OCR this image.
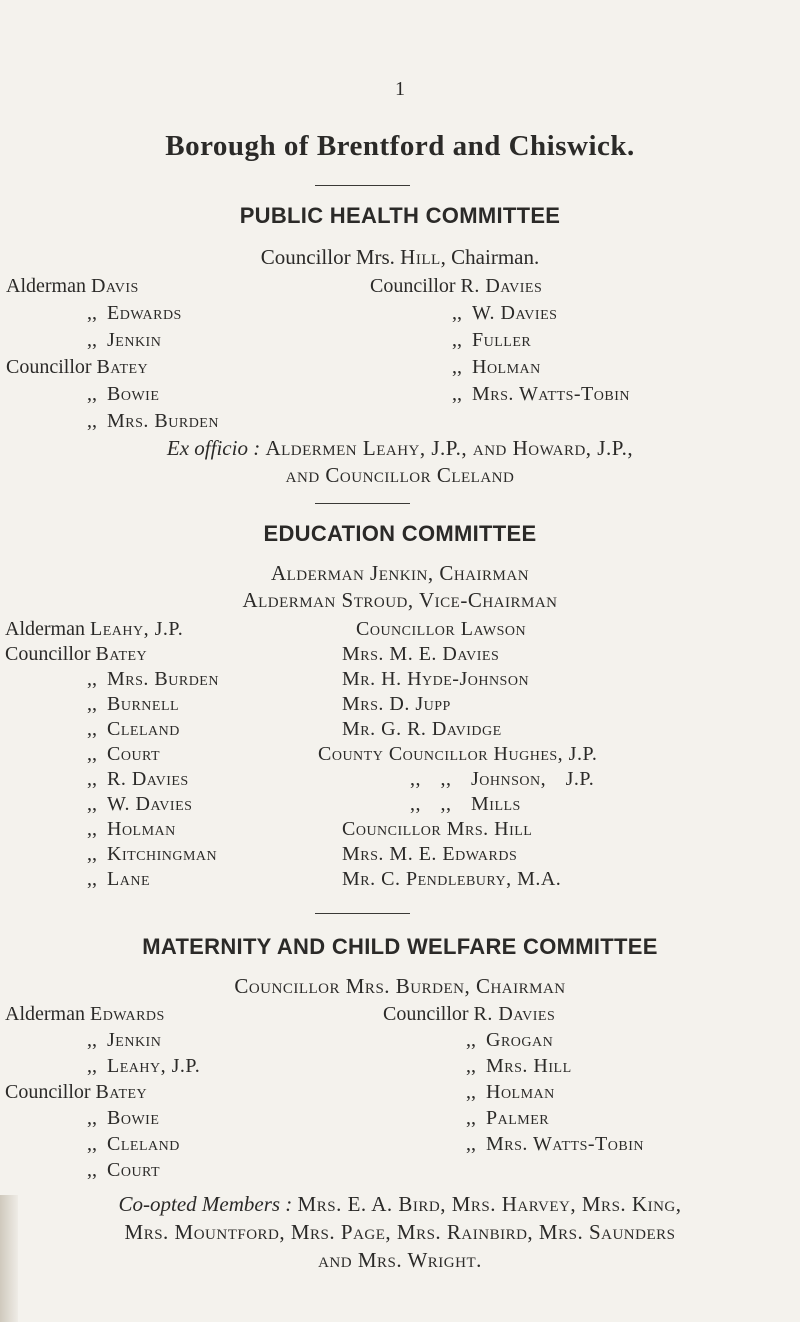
1
Borough of Brentford and Chiswick.
PUBLIC HEALTH COMMITTEE
Councillor Mrs. Hill, Chairman.
Alderman Davis
,, Edwards
,, Jenkin
Councillor Batey
,, Bowie
,, Mrs. Burden
Councillor R. Davies
,, W. Davies
,, Fuller
,, Holman
,, Mrs. Watts-Tobin
Ex officio : Aldermen Leahy, J.P., and Howard, J.P.,
and Councillor Cleland
EDUCATION COMMITTEE
Alderman Jenkin, Chairman
Alderman Stroud, Vice-Chairman
Alderman Leahy, J.P.
Councillor Batey
,, Mrs. Burden
,, Burnell
,, Cleland
,, Court
,, R. Davies
,, W. Davies
,, Holman
,, Kitchingman
,, Lane
Councillor Lawson
Mrs. M. E. Davies
Mr. H. Hyde-Johnson
Mrs. D. Jupp
Mr. G. R. Davidge
County Councillor Hughes, J.P.
,, ,, Johnson, J.P.
,, ,, Mills
Councillor Mrs. Hill
Mrs. M. E. Edwards
Mr. C. Pendlebury, M.A.
MATERNITY AND CHILD WELFARE COMMITTEE
Councillor Mrs. Burden, Chairman
Alderman Edwards
,, Jenkin
,, Leahy, J.P.
Councillor Batey
,, Bowie
,, Cleland
,, Court
Councillor R. Davies
,, Grogan
,, Mrs. Hill
,, Holman
,, Palmer
,, Mrs. Watts-Tobin
Co-opted Members : Mrs. E. A. Bird, Mrs. Harvey, Mrs. King,
Mrs. Mountford, Mrs. Page, Mrs. Rainbird, Mrs. Saunders
and Mrs. Wright.
